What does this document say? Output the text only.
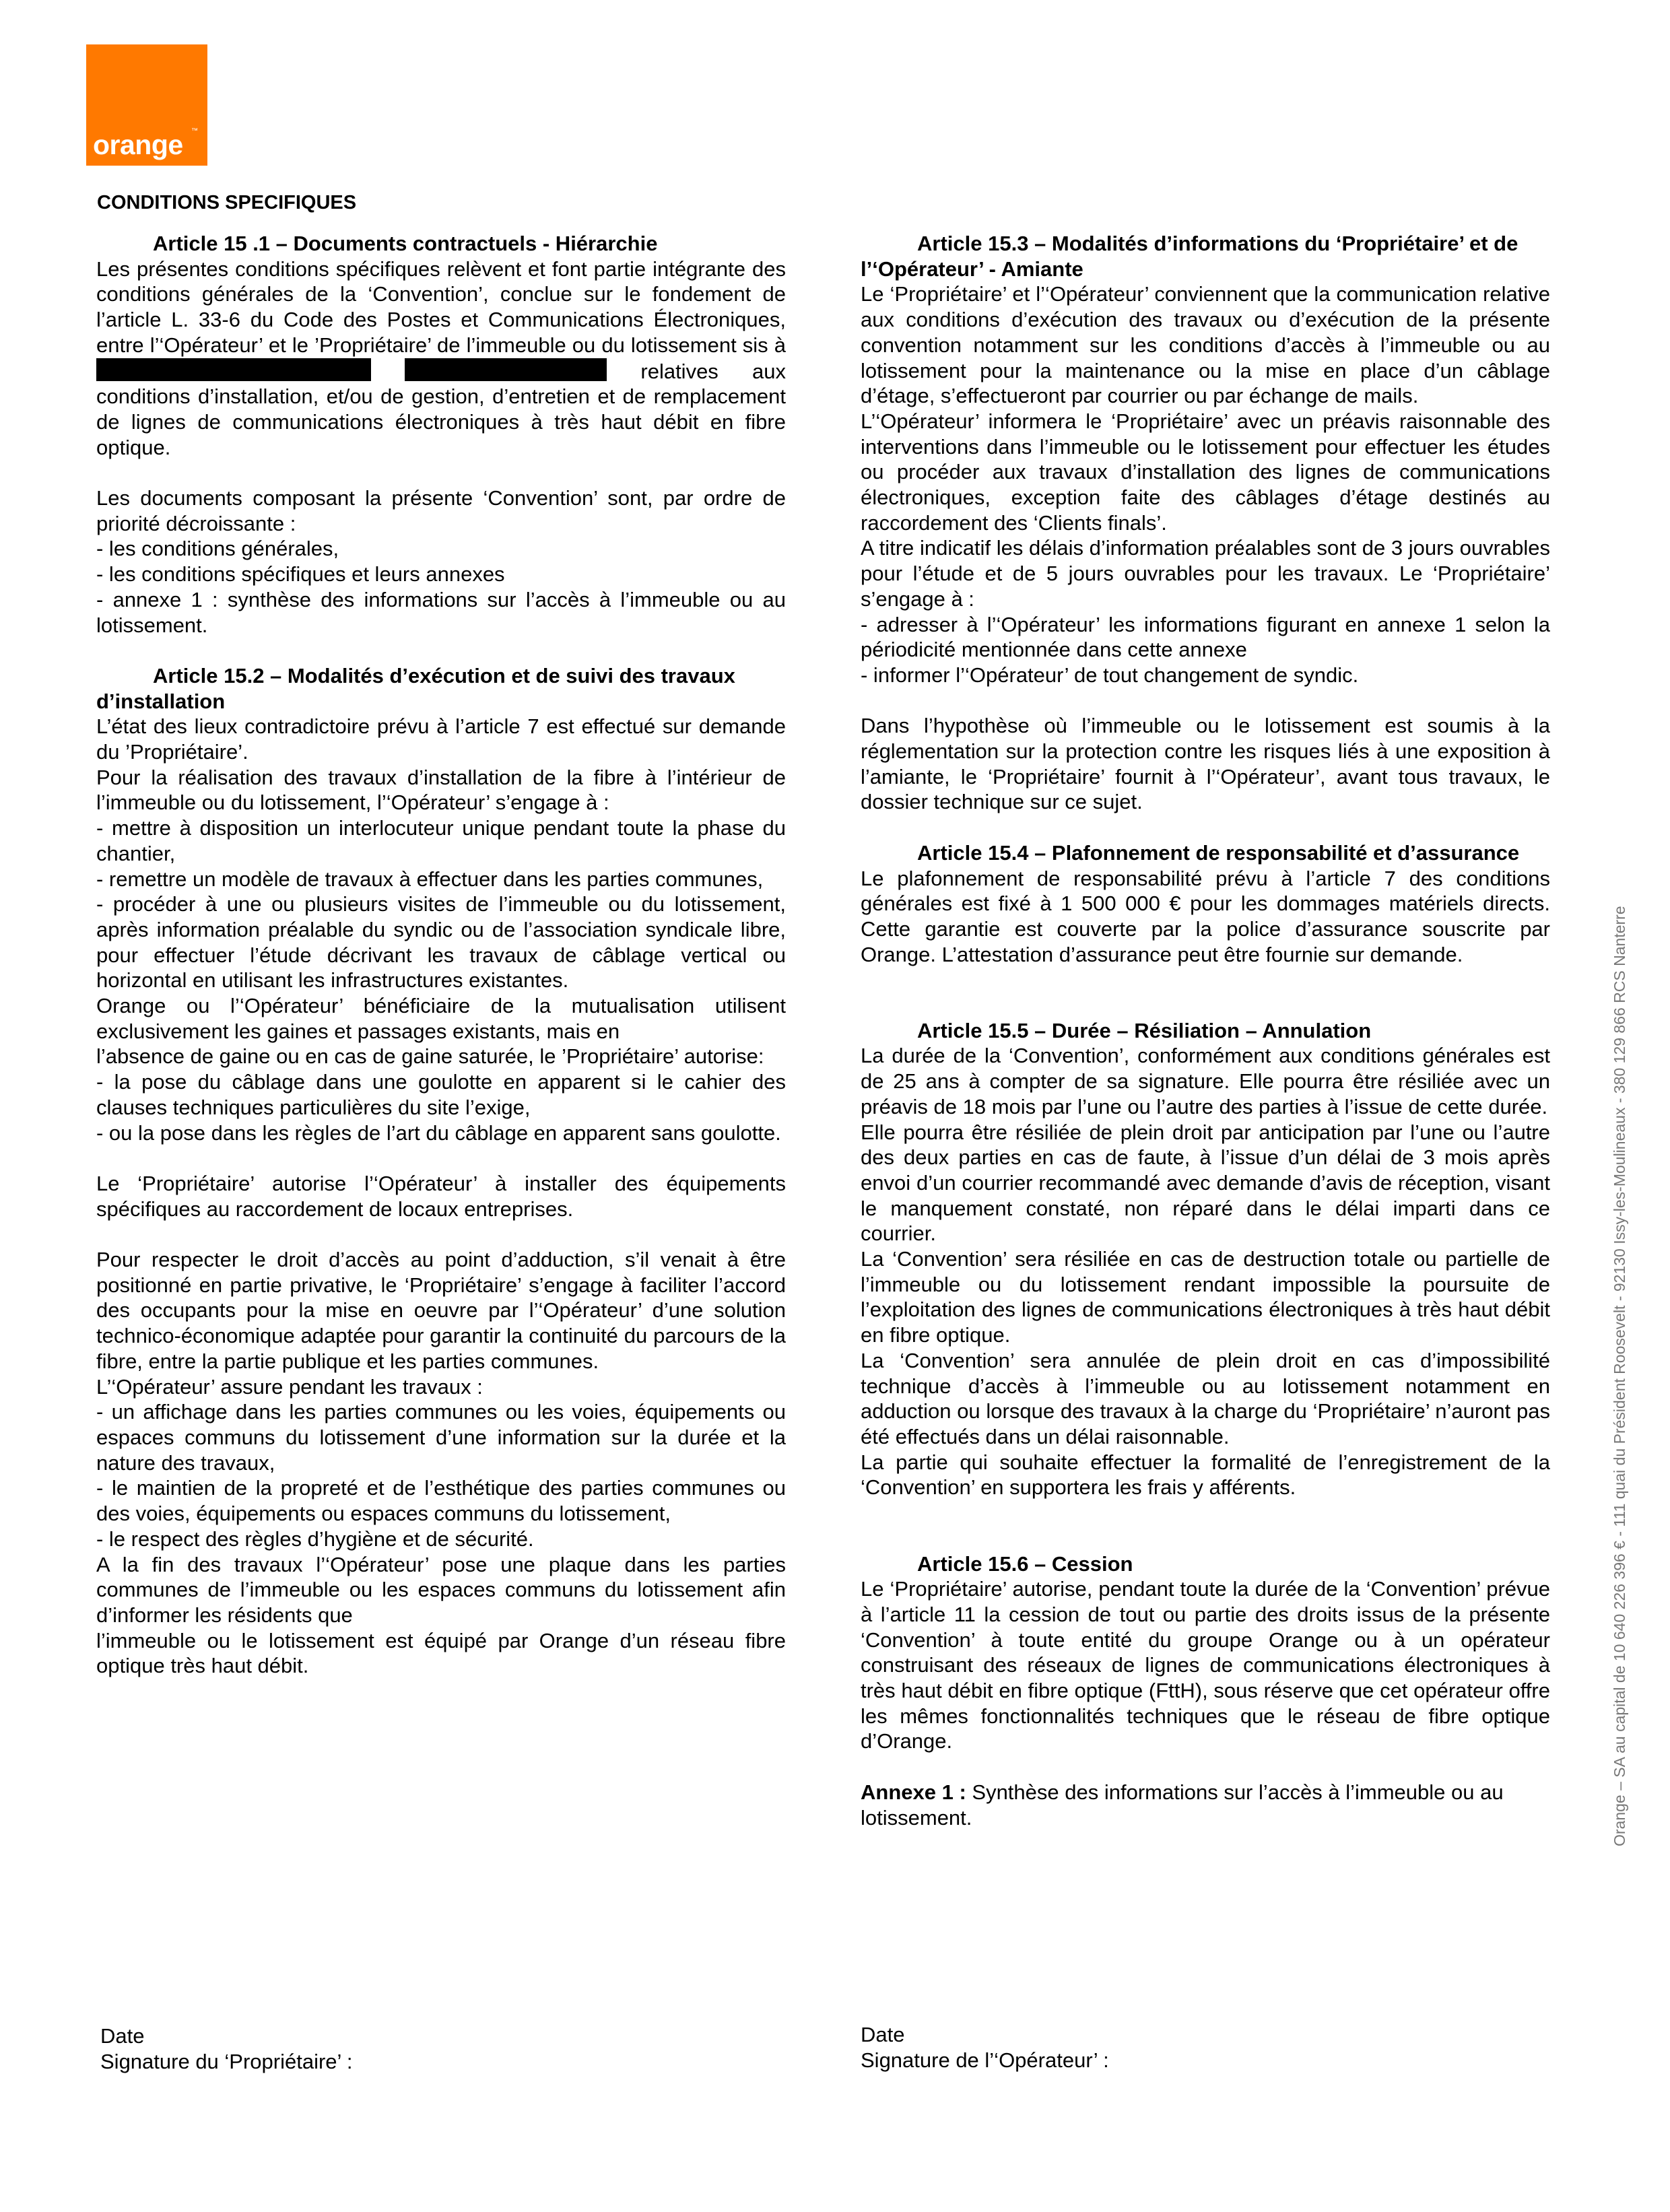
orange ™
CONDITIONS SPECIFIQUES

Article 15 .1 – Documents contractuels - Hiérarchie

Les présentes conditions spécifiques relèvent et font partie intégrante des conditions générales de la ‘Convention’, conclue sur le fondement de l’article L. 33-6 du Code des Postes et Communications Électroniques, entre l’‘Opérateur’ et le ’Propriétaire’ de l’immeuble ou du lotissement sis à   relatives aux conditions d’installation, et/ou de gestion, d’entretien et de remplacement de lignes de communications électroniques à très haut débit en fibre optique.

Les documents composant la présente ‘Convention’ sont, par ordre de priorité décroissante :

- les conditions générales,

- les conditions spécifiques et leurs annexes

- annexe 1 : synthèse des informations sur l’accès à l’immeuble ou au lotissement.

Article 15.2 – Modalités d’exécution et de suivi des travaux d’installation

L’état des lieux contradictoire prévu à l’article 7 est effectué sur demande du ’Propriétaire’.

Pour la réalisation des travaux d’installation de la fibre à l’intérieur de l’immeuble ou du lotissement, l’‘Opérateur’ s’engage à :

- mettre à disposition un interlocuteur unique pendant toute la phase du chantier,

- remettre un modèle de travaux à effectuer dans les parties communes,

- procéder à une ou plusieurs visites de l’immeuble ou du lotissement, après information préalable du syndic ou de l’association syndicale libre, pour effectuer l’étude décrivant les travaux de câblage vertical ou horizontal en utilisant les infrastructures existantes.

Orange ou l’‘Opérateur’ bénéficiaire de la mutualisation utilisent exclusivement les gaines et passages existants, mais en

l’absence de gaine ou en cas de gaine saturée, le ’Propriétaire’ autorise:

- la pose du câblage dans une goulotte en apparent si le cahier des clauses techniques particulières du site l’exige,

- ou la pose dans les règles de l’art du câblage en apparent sans goulotte.

Le ‘Propriétaire’ autorise l’‘Opérateur’ à installer des équipements spécifiques au raccordement de locaux entreprises.

Pour respecter le droit d’accès au point d’adduction, s’il venait à être positionné en partie privative, le ‘Propriétaire’ s’engage à faciliter l’accord des occupants pour la mise en oeuvre par l’‘Opérateur’ d’une solution technico-économique adaptée pour garantir la continuité du parcours de la fibre, entre la partie publique et les parties communes.

L’‘Opérateur’ assure pendant les travaux :

- un affichage dans les parties communes ou les voies, équipements ou espaces communs du lotissement d’une information sur la durée et la nature des travaux,

- le maintien de la propreté et de l’esthétique des parties communes ou des voies, équipements ou espaces communs du lotissement,

- le respect des règles d’hygiène et de sécurité.

A la fin des travaux l’‘Opérateur’ pose une plaque dans les parties communes de l’immeuble ou les espaces communs du lotissement afin d’informer les résidents que

l’immeuble ou le lotissement est équipé par Orange d’un réseau fibre optique très haut débit.

Article 15.3 – Modalités d’informations du ‘Propriétaire’ et de l’‘Opérateur’ - Amiante

Le ‘Propriétaire’ et l’‘Opérateur’ conviennent que la communication relative aux conditions d’exécution des travaux ou d’exécution de la présente convention notamment sur les conditions d’accès à l’immeuble ou au lotissement pour la maintenance ou la mise en place d’un câblage d’étage, s’effectueront par courrier ou par échange de mails.

L’‘Opérateur’ informera le ‘Propriétaire’ avec un préavis raisonnable des interventions dans l’immeuble ou le lotissement pour effectuer les études ou procéder aux travaux d’installation des lignes de communications électroniques, exception faite des câblages d’étage destinés au raccordement des ‘Clients finals’.

A titre indicatif les délais d’information préalables sont de 3 jours ouvrables pour l’étude et de 5 jours ouvrables pour les travaux. Le ‘Propriétaire’ s’engage à :

- adresser à l’‘Opérateur’ les informations figurant en annexe 1 selon la périodicité mentionnée dans cette annexe

- informer l’‘Opérateur’ de tout changement de syndic.

Dans l’hypothèse où l’immeuble ou le lotissement est soumis à la réglementation sur la protection contre les risques liés à une exposition à l’amiante, le ‘Propriétaire’ fournit à l’‘Opérateur’, avant tous travaux, le dossier technique sur ce sujet.

Article 15.4 – Plafonnement de responsabilité et d’assurance

Le plafonnement de responsabilité prévu à l’article 7 des conditions générales est fixé à 1 500 000 € pour les dommages matériels directs. Cette garantie est couverte par la police d’assurance souscrite par Orange. L’attestation d’assurance peut être fournie sur demande.

Article 15.5 – Durée – Résiliation – Annulation

La durée de la ‘Convention’, conformément aux conditions générales est de 25 ans à compter de sa signature. Elle pourra être résiliée avec un préavis de 18 mois par l’une ou l’autre des parties à l’issue de cette durée.

Elle pourra être résiliée de plein droit par anticipation par l’une ou l’autre des deux parties en cas de faute, à l’issue d’un délai de 3 mois après envoi d’un courrier recommandé avec demande d’avis de réception, visant le manquement constaté, non réparé dans le délai imparti dans ce courrier.

La ‘Convention’ sera résiliée en cas de destruction totale ou partielle de l’immeuble ou du lotissement rendant impossible la poursuite de l’exploitation des lignes de communications électroniques à très haut débit en fibre optique.

La ‘Convention’ sera annulée de plein droit en cas d’impossibilité technique d’accès à l’immeuble ou au lotissement notamment en adduction ou lorsque des travaux à la charge du ‘Propriétaire’ n’auront pas été effectués dans un délai raisonnable.

La partie qui souhaite effectuer la formalité de l’enregistrement de la ‘Convention’ en supportera les frais y afférents.

Article 15.6 – Cession

Le ‘Propriétaire’ autorise, pendant toute la durée de la ‘Convention’ prévue à l’article 11 la cession de tout ou partie des droits issus de la présente ‘Convention’ à toute entité du groupe Orange ou à un opérateur construisant des réseaux de lignes de communications électroniques à très haut débit en fibre optique (FttH), sous réserve que cet opérateur offre les mêmes fonctionnalités techniques que le réseau de fibre optique d’Orange.

Annexe 1 : Synthèse des informations sur l’accès à l’immeuble ou au lotissement.

Date
Signature du ‘Propriétaire’ :
Date
Signature de l’‘Opérateur’ :
Orange – SA au capital de 10 640 226 396 € - 111 quai du Président Roosevelt - 92130 Issy-les-Moulineaux - 380 129 866 RCS Nanterre
